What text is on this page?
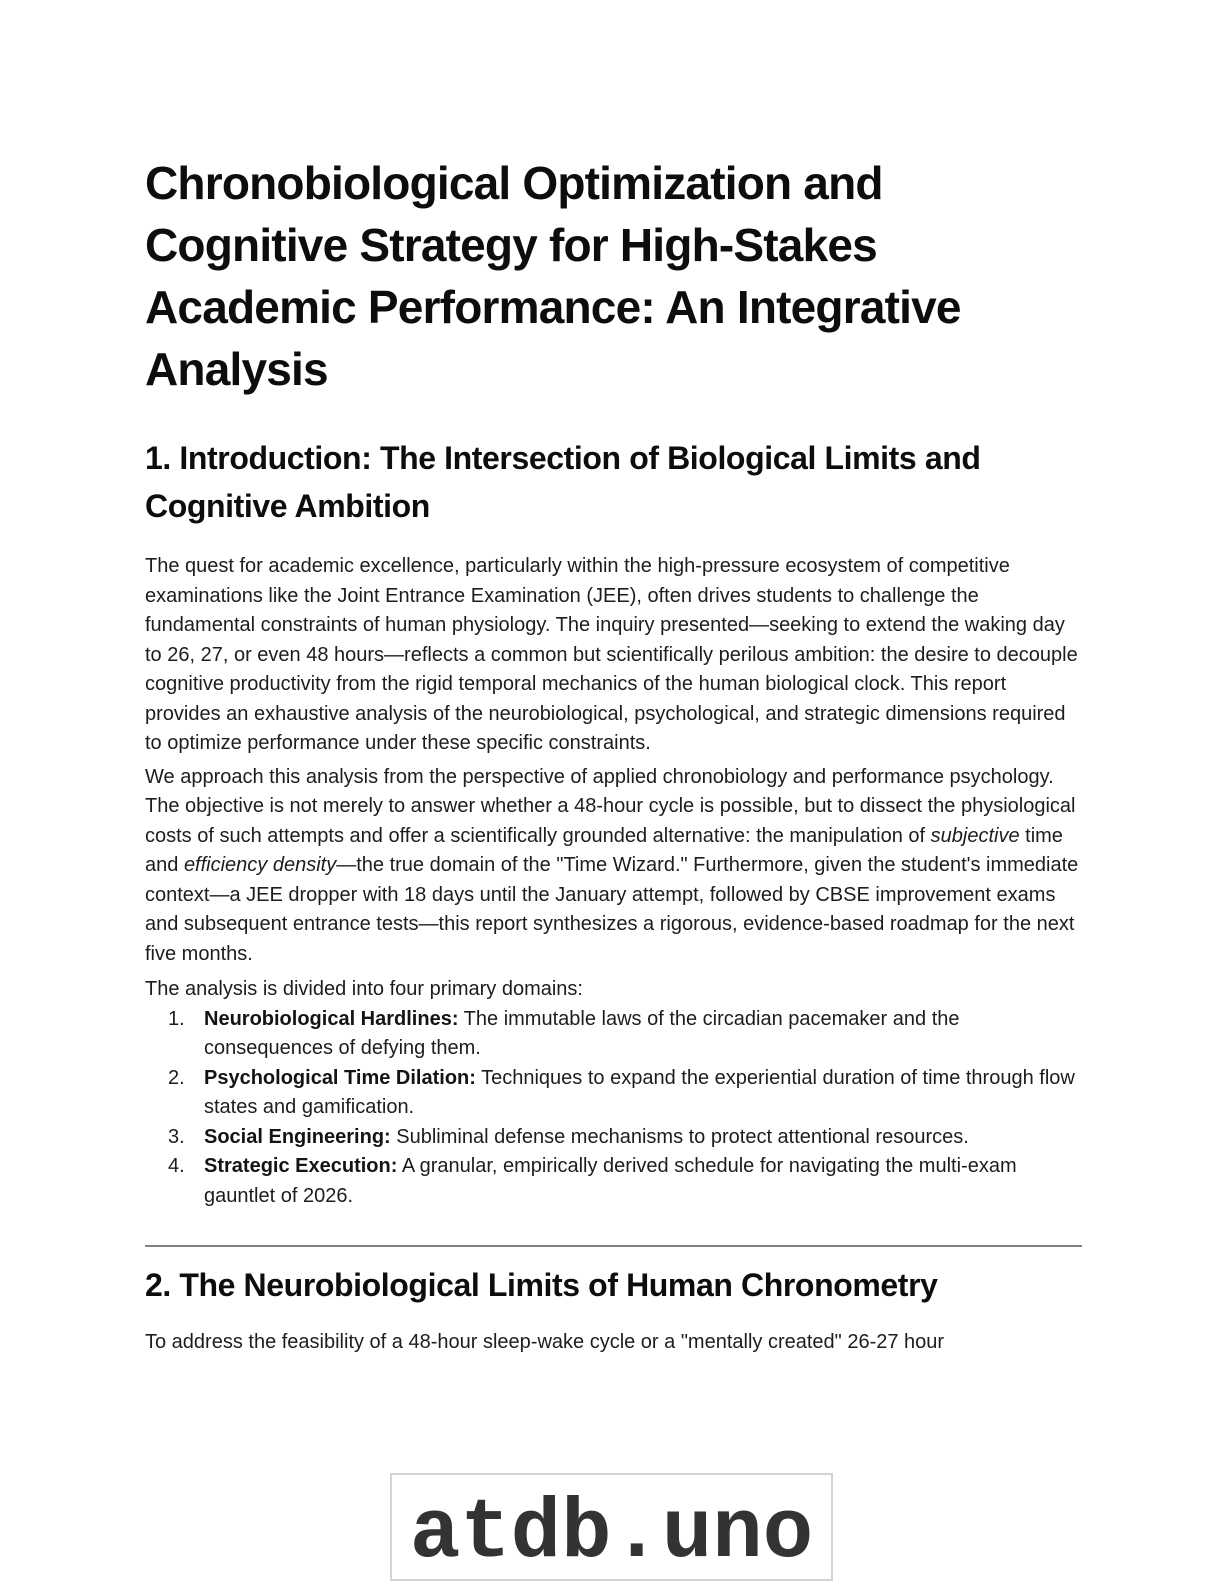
Chronobiological Optimization and Cognitive Strategy for High-Stakes Academic Performance: An Integrative Analysis
1. Introduction: The Intersection of Biological Limits and Cognitive Ambition

The quest for academic excellence, particularly within the high-pressure ecosystem of competitive examinations like the Joint Entrance Examination (JEE), often drives students to challenge the fundamental constraints of human physiology. The inquiry presented—seeking to extend the waking day to 26, 27, or even 48 hours—reflects a common but scientifically perilous ambition: the desire to decouple cognitive productivity from the rigid temporal mechanics of the human biological clock. This report provides an exhaustive analysis of the neurobiological, psychological, and strategic dimensions required to optimize performance under these specific constraints.

We approach this analysis from the perspective of applied chronobiology and performance psychology. The objective is not merely to answer whether a 48-hour cycle is possible, but to dissect the physiological costs of such attempts and offer a scientifically grounded alternative: the manipulation of subjective time and efficiency density—the true domain of the "Time Wizard." Furthermore, given the student's immediate context—a JEE dropper with 18 days until the January attempt, followed by CBSE improvement exams and subsequent entrance tests—this report synthesizes a rigorous, evidence-based roadmap for the next five months.

The analysis is divided into four primary domains:

1. Neurobiological Hardlines: The immutable laws of the circadian pacemaker and the consequences of defying them.
2. Psychological Time Dilation: Techniques to expand the experiential duration of time through flow states and gamification.
3. Social Engineering: Subliminal defense mechanisms to protect attentional resources.
4. Strategic Execution: A granular, empirically derived schedule for navigating the multi-exam gauntlet of 2026.
2. The Neurobiological Limits of Human Chronometry

To address the feasibility of a 48-hour sleep-wake cycle or a "mentally created" 26-27 hour

atdb.uno
